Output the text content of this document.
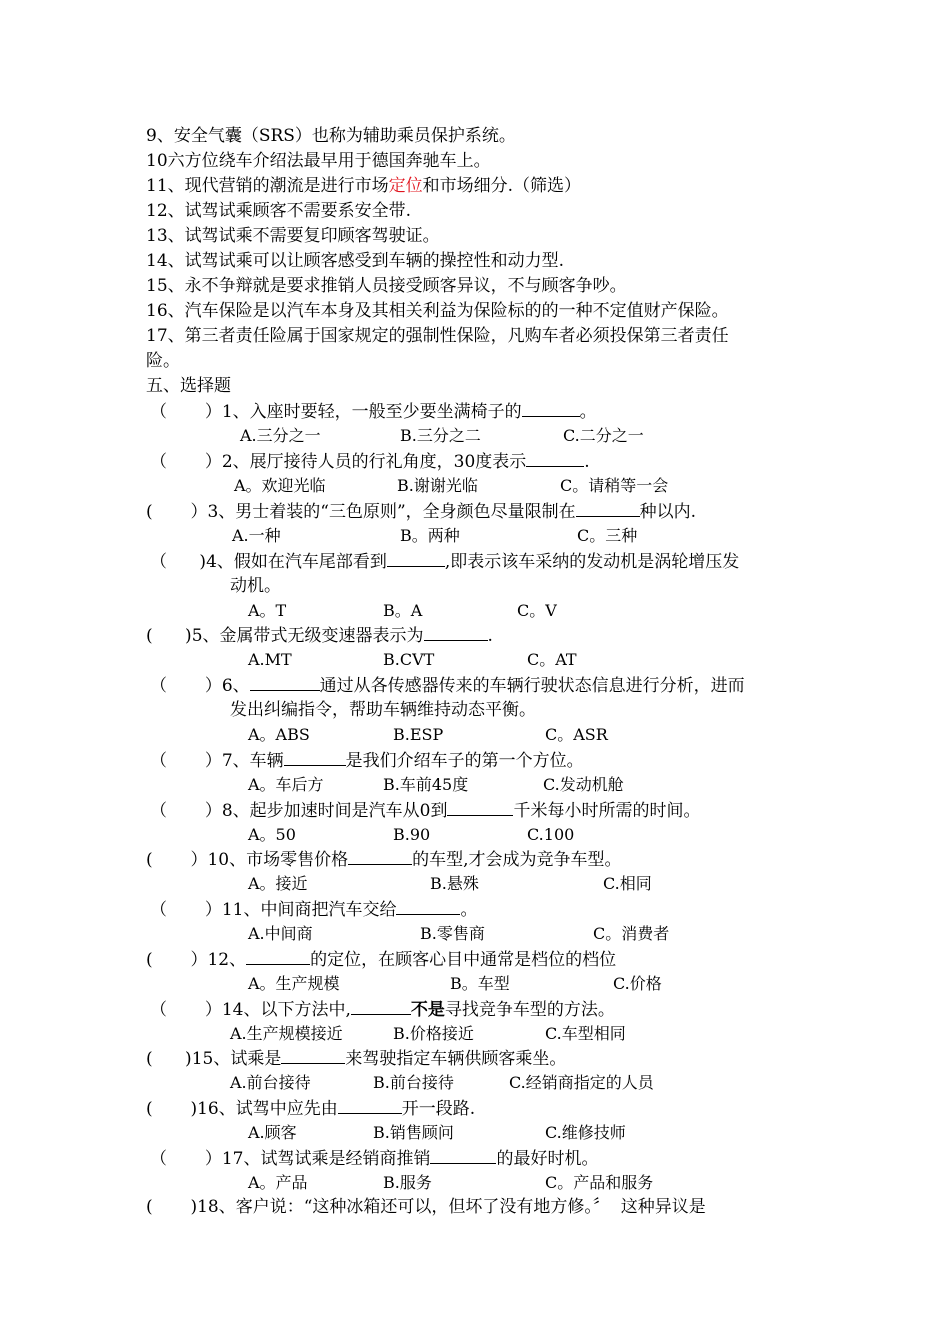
9、安全气囊（SRS）也称为辅助乘员保护系统。
10六方位绕车介绍法最早用于德国奔驰车上。
11、现代营销的潮流是进行市场定位和市场细分.（筛选）
12、试驾试乘顾客不需要系安全带.
13、试驾试乘不需要复印顾客驾驶证。
14、试驾试乘可以让顾客感受到车辆的操控性和动力型.
15、永不争辩就是要求推销人员接受顾客异议，不与顾客争吵。
16、汽车保险是以汽车本身及其相关利益为保险标的的一种不定值财产保险。
17、第三者责任险属于国家规定的强制性保险，凡购车者必须投保第三者责任
险。
五、选择题
（       ）1、入座时要轻，一般至少要坐满椅子的	。
A.三分之一	B.三分之二	C.二分之一
（       ）2、展厅接待人员的行礼角度，30度表示	.
A。欢迎光临	B.谢谢光临	C。请稍等一会
(       ）3、男士着装的“三色原则”，全身颜色尽量限制在	种以内.
A.一种	B。两种	C。三种
（      )4、假如在汽车尾部看到	,即表示该车采纳的发动机是涡轮增压发
动机。
A。T	B。A	C。V
(      )5、金属带式无级变速器表示为	.
A.MT	B.CVT	C。AT
（       ）6、	通过从各传感器传来的车辆行驶状态信息进行分析，进而
发出纠编指令，帮助车辆维持动态平衡。
A。ABS	B.ESP	C。ASR
（       ）7、车辆	是我们介绍车子的第一个方位。
A。车后方	B.车前45度	C.发动机舱
（       ）8、起步加速时间是汽车从0到	千米每小时所需的时间。
A。50	B.90	C.100
(       ）10、市场零售价格	的车型,才会成为竞争车型。
A。接近	B.悬殊	C.相同
（       ）11、中间商把汽车交给	。
A.中间商	B.零售商	C。消费者
(       ）12、	的定位，在顾客心目中通常是档位的档位
A。生产规模	B。车型	C.价格
（       ）14、以下方法中,	不是寻找竞争车型的方法。
A.生产规模接近	B.价格接近	C.车型相同
(      )15、试乘是	来驾驶指定车辆供顾客乘坐。
A.前台接待	B.前台接待	C.经销商指定的人员
(       )16、试驾中应先由	开一段路.
A.顾客	B.销售顾问	C.维修技师
（       ）17、试驾试乘是经销商推销	的最好时机。
A。产品	B.服务	C。产品和服务
(       )18、客户说：“这种冰箱还可以，但坏了没有地方修。〞  这种异议是
